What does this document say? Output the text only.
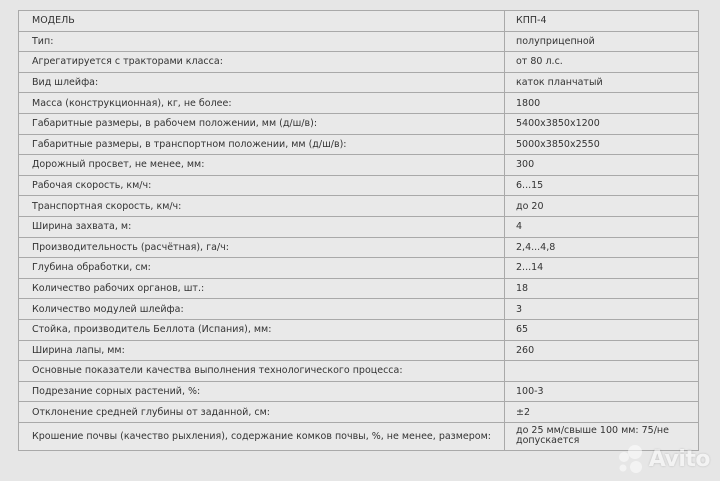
МОДЕЛЬ	КПП-4
Тип:	полуприцепной
Агрегатируется с тракторами класса:	от 80 л.с.
Вид шлейфа:	каток планчатый
Масса (конструкционная), кг, не более:	1800
Габаритные размеры, в рабочем положении, мм (д/ш/в):	5400х3850х1200
Габаритные размеры, в транспортном положении, мм (д/ш/в):	5000х3850х2550
Дорожный просвет, не менее, мм:	300
Рабочая скорость, км/ч:	6...15
Транспортная скорость, км/ч:	до 20
Ширина захвата, м:	4
Производительность (расчётная), га/ч:	2,4...4,8
Глубина обработки, см:	2...14
Количество рабочих органов, шт.:	18
Количество модулей шлейфа:	3
Стойка, производитель Беллота (Испания), мм:	65
Ширина лапы, мм:	260
Основные показатели качества выполнения технологического процесса:	
Подрезание сорных растений, %:	100-3
Отклонение средней глубины от заданной, см:	±2
Крошение почвы (качество рыхления), содержание комков почвы, %, не менее, размером:	до 25 мм/свыше 100 мм: 75/не допускается
Avito
